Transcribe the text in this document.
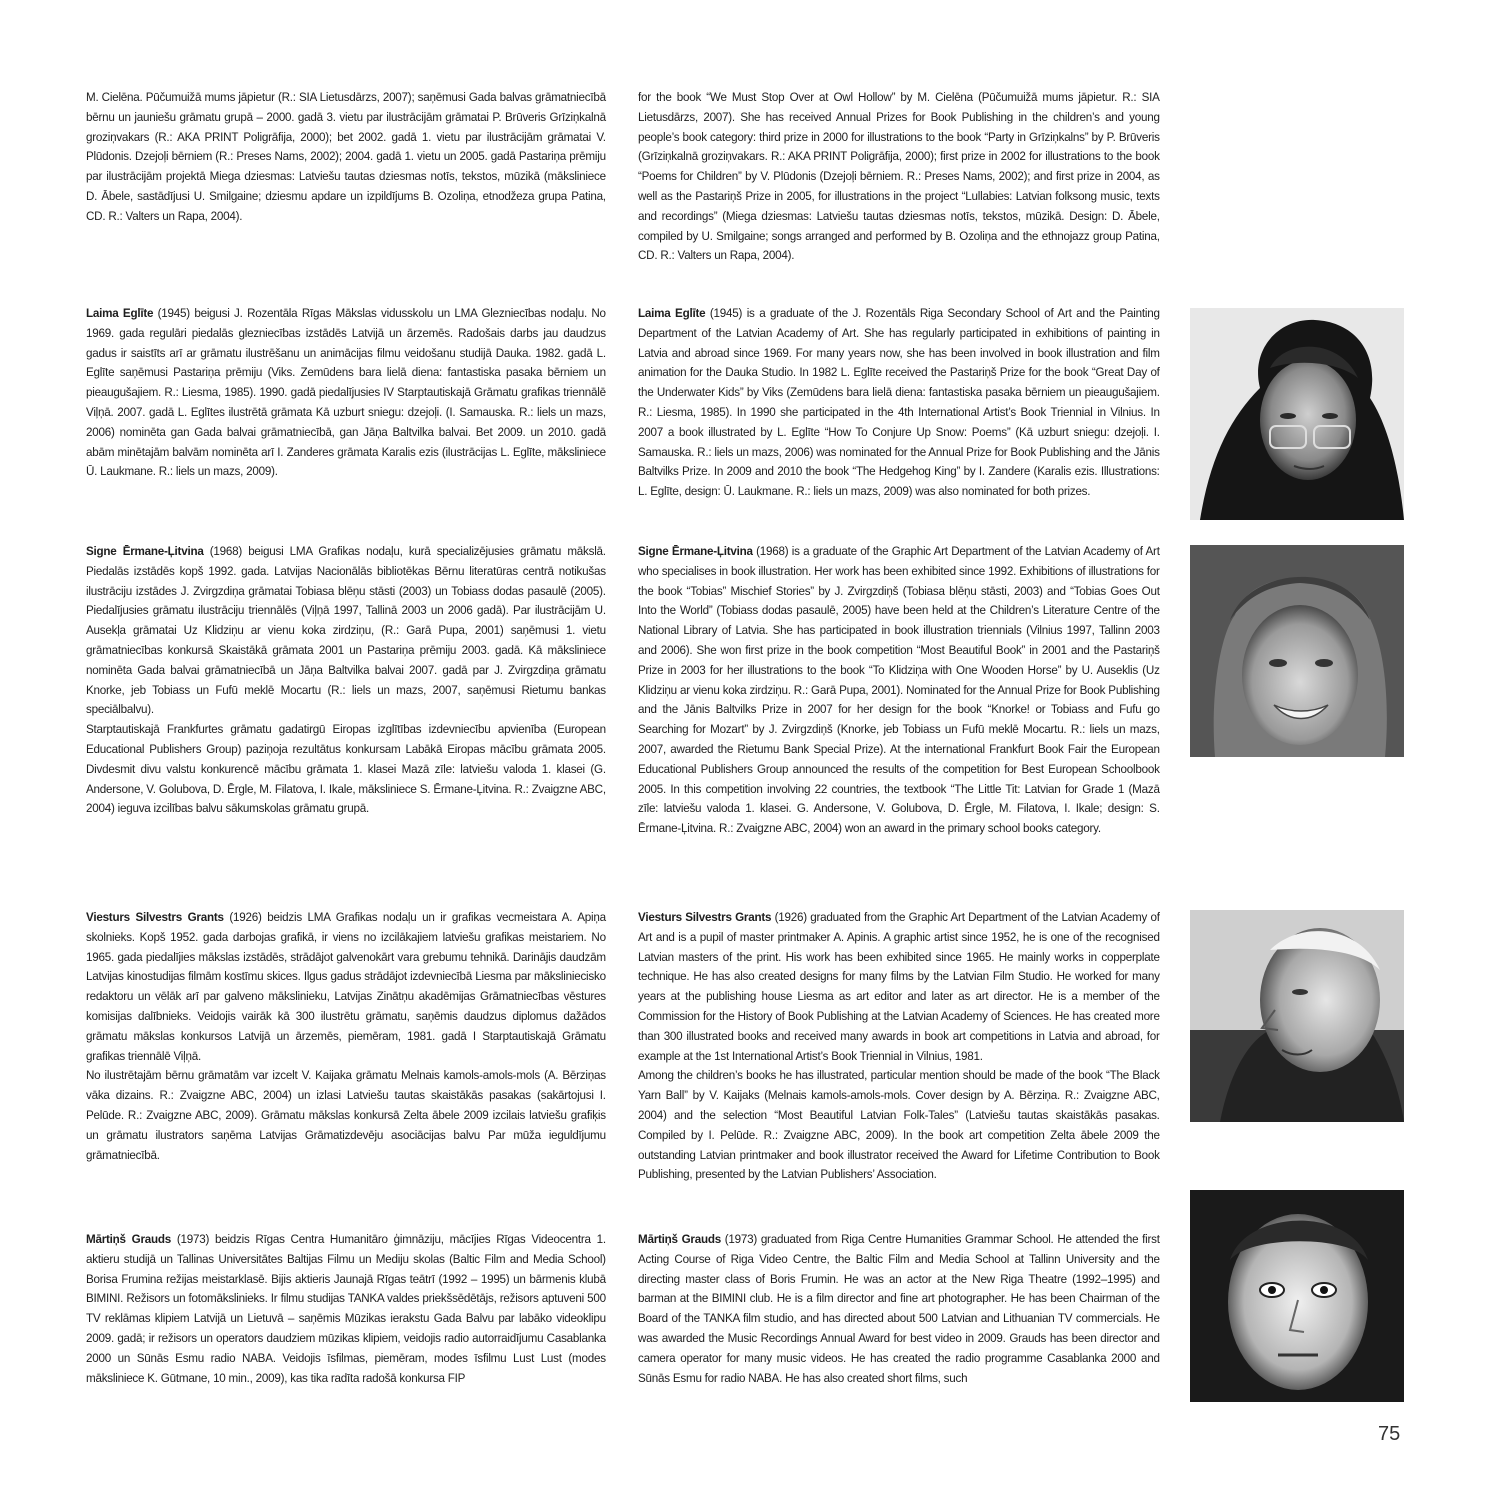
M. Cielēna. Pūčumuižā mums jāpietur (R.: SIA Lietusdārzs, 2007); saņēmusi Gada balvas grāmatniecībā bērnu un jauniešu grāmatu grupā – 2000. gadā 3. vietu par ilustrācijām grāmatai P. Brūveris Grīziņkalnā groziņvakars (R.: AKA PRINT Poligrāfija, 2000); bet 2002. gadā 1. vietu par ilustrācijām grāmatai V. Plūdonis. Dzejoļi bērniem (R.: Preses Nams, 2002); 2004. gadā 1. vietu un 2005. gadā Pastariņa prēmiju par ilustrācijām projektā Miega dziesmas: Latviešu tautas dziesmas notīs, tekstos, mūzikā (māksliniece D. Ābele, sastādījusi U. Smilgaine; dziesmu apdare un izpildījums B. Ozoliņa, etnodžeza grupa Patina, CD. R.: Valters un Rapa, 2004).

Laima Eglīte (1945) beigusi J. Rozentāla Rīgas Mākslas vidusskolu un LMA Glezniecības nodaļu. No 1969. gada regulāri piedalās glezniecības izstādēs Latvijā un ārzemēs. Radošais darbs jau daudzus gadus ir saistīts arī ar grāmatu ilustrēšanu un animācijas filmu veidošanu studijā Dauka. 1982. gadā L. Eglīte saņēmusi Pastariņa prēmiju (Viks. Zemūdens bara lielā diena: fantastiska pasaka bērniem un pieaugušajiem. R.: Liesma, 1985). 1990. gadā piedalījusies IV Starptautiskajā Grāmatu grafikas triennālē Viļņā. 2007. gadā L. Eglītes ilustrētā grāmata Kā uzburt sniegu: dzejoļi. (I. Samauska. R.: liels un mazs, 2006) nominēta gan Gada balvai grāmatniecībā, gan Jāņa Baltvilka balvai. Bet 2009. un 2010. gadā abām minētajām balvām nominēta arī I. Zanderes grāmata Karalis ezis (ilustrācijas L. Eglīte, māksliniece Ū. Laukmane. R.: liels un mazs, 2009).

Signe Ērmane-Ļitvina (1968) beigusi LMA Grafikas nodaļu, kurā specializējusies grāmatu mākslā. Piedalās izstādēs kopš 1992. gada. Latvijas Nacionālās bibliotēkas Bērnu literatūras centrā notikušas ilustrāciju izstādes J. Zvirgzdiņa grāmatai Tobiasa blēņu stāsti (2003) un Tobiass dodas pasaulē (2005). Piedalījusies grāmatu ilustrāciju triennālēs (Viļņā 1997, Tallinā 2003 un 2006 gadā). Par ilustrācijām U. Ausekļa grāmatai Uz Klidziņu ar vienu koka zirdziņu, (R.: Garā Pupa, 2001) saņēmusi 1. vietu grāmatniecības konkursā Skaistākā grāmata 2001 un Pastariņa prēmiju 2003. gadā. Kā māksliniece nominēta Gada balvai grāmatniecībā un Jāņa Baltvilka balvai 2007. gadā par J. Zvirgzdiņa grāmatu Knorke, jeb Tobiass un Fufū meklē Mocartu (R.: liels un mazs, 2007, saņēmusi Rietumu bankas speciālbalvu).

Starptautiskajā Frankfurtes grāmatu gadatirgū Eiropas izglītības izdevniecību apvienība (European Educational Publishers Group) paziņoja rezultātus konkursam Labākā Eiropas mācību grāmata 2005. Divdesmit divu valstu konkurencē mācību grāmata 1. klasei Mazā zīle: latviešu valoda 1. klasei (G. Andersone, V. Golubova, D. Ērgle, M. Filatova, I. Ikale, māksliniece S. Ērmane-Ļitvina. R.: Zvaigzne ABC, 2004) ieguva izcilības balvu sākumskolas grāmatu grupā.

Viesturs Silvestrs Grants (1926) beidzis LMA Grafikas nodaļu un ir grafikas vecmeistara A. Apiņa skolnieks. Kopš 1952. gada darbojas grafikā, ir viens no izcilākajiem latviešu grafikas meistariem. No 1965. gada piedalījies mākslas izstādēs, strādājot galvenokārt vara grebumu tehnikā. Darinājis daudzām Latvijas kinostudijas filmām kostīmu skices. Ilgus gadus strādājot izdevniecībā Liesma par mākslinieciskо redaktoru un vēlāk arī par galveno mākslinieku, Latvijas Zinātņu akadēmijas Grāmatniecības vēstures komisijas dalībnieks. Veidojis vairāk kā 300 ilustrētu grāmatu, saņēmis daudzus diplomus dažādos grāmatu mākslas konkursos Latvijā un ārzemēs, piemēram, 1981. gadā I Starptautiskajā Grāmatu grafikas triennālē Viļņā.

No ilustrētajām bērnu grāmatām var izcelt V. Kaijaka grāmatu Melnais kamols-amols-mols (A. Bērziņas vāka dizains. R.: Zvaigzne ABC, 2004) un izlasi Latviešu tautas skaistākās pasakas (sakārtojusi I. Pelūde. R.: Zvaigzne ABC, 2009). Grāmatu mākslas konkursā Zelta ābele 2009 izcilais latviešu grafiķis un grāmatu ilustrators saņēma Latvijas Grāmatizdevēju asociācijas balvu Par mūža ieguldījumu grāmatniecībā.

Mārtiņš Grauds (1973) beidzis Rīgas Centra Humanitāro ģimnāziju, mācījies Rīgas Videocentra 1. aktieru studijā un Tallinas Universitātes Baltijas Filmu un Mediju skolas (Baltic Film and Media School) Borisa Frumina režijas meistarklasē. Bijis aktieris Jaunajā Rīgas teātrī (1992 – 1995) un bārmenis klubā BIMINI. Režisors un fotomākslinieks. Ir filmu studijas TANKA valdes priekšsēdētājs, režisors aptuveni 500 TV reklāmas klipiem Latvijā un Lietuvā – saņēmis Mūzikas ierakstu Gada Balvu par labāko videoklipu 2009. gadā; ir režisors un operators daudziem mūzikas klipiem, veidojis radio autorraidījumu Casablanka 2000 un Sūnās Esmu radio NABA. Veidojis īsfilmas, piemēram, modes īsfilmu Lust Lust (modes māksliniece K. Gūtmane, 10 min., 2009), kas tika radīta radošā konkursa FIP

for the book “We Must Stop Over at Owl Hollow” by M. Cielēna (Pūčumuižā mums jāpietur. R.: SIA Lietusdārzs, 2007). She has received Annual Prizes for Book Publishing in the children’s and young people’s book category: third prize in 2000 for illustrations to the book “Party in Grīziņkalns” by P. Brūveris (Grīziņkalnā groziņvakars. R.: AKA PRINT Poligrāfija, 2000); first prize in 2002 for illustrations to the book “Poems for Children” by V. Plūdonis (Dzejoļi bērniem. R.: Preses Nams, 2002); and first prize in 2004, as well as the Pastariņš Prize in 2005, for illustrations in the project “Lullabies: Latvian folksong music, texts and recordings” (Miega dziesmas: Latviešu tautas dziesmas notīs, tekstos, mūzikā. Design: D. Ābele, compiled by U. Smilgaine; songs arranged and performed by B. Ozoliņa and the ethnojazz group Patina, CD. R.: Valters un Rapa, 2004).

Laima Eglīte (1945) is a graduate of the J. Rozentāls Riga Secondary School of Art and the Painting Department of the Latvian Academy of Art. She has regularly participated in exhibitions of painting in Latvia and abroad since 1969. For many years now, she has been involved in book illustration and film animation for the Dauka Studio. In 1982 L. Eglīte received the Pastariņš Prize for the book “Great Day of the Underwater Kids” by Viks (Zemūdens bara lielā diena: fantastiska pasaka bērniem un pieaugušajiem. R.: Liesma, 1985). In 1990 she participated in the 4th International Artist’s Book Triennial in Vilnius. In 2007 a book illustrated by L. Eglīte “How To Conjure Up Snow: Poems” (Kā uzburt sniegu: dzejoļi. I. Samauska. R.: liels un mazs, 2006) was nominated for the Annual Prize for Book Publishing and the Jānis Baltvilks Prize. In 2009 and 2010 the book “The Hedgehog King” by I. Zandere (Karalis ezis. Illustrations: L. Eglīte, design: Ū. Laukmane. R.: liels un mazs, 2009) was also nominated for both prizes.

Signe Ērmane-Ļitvina (1968) is a graduate of the Graphic Art Department of the Latvian Academy of Art who specialises in book illustration. Her work has been exhibited since 1992. Exhibitions of illustrations for the book “Tobias” Mischief Stories” by J. Zvirgzdiņš (Tobiasa blēņu stāsti, 2003) and “Tobias Goes Out Into the World” (Tobiass dodas pasaulē, 2005) have been held at the Children’s Literature Centre of the National Library of Latvia. She has participated in book illustration triennials (Vilnius 1997, Tallinn 2003 and 2006). She won first prize in the book competition “Most Beautiful Book” in 2001 and the Pastariņš Prize in 2003 for her illustrations to the book “To Klidziņa with One Wooden Horse” by U. Auseklis (Uz Klidziņu ar vienu koka zirdziņu. R.: Garā Pupa, 2001). Nominated for the Annual Prize for Book Publishing and the Jānis Baltvilks Prize in 2007 for her design for the book “Knorke! or Tobiass and Fufu go Searching for Mozart” by J. Zvirgzdiņš (Knorke, jeb Tobiass un Fufū meklē Mocartu. R.: liels un mazs, 2007, awarded the Rietumu Bank Special Prize). At the international Frankfurt Book Fair the European Educational Publishers Group announced the results of the competition for Best European Schoolbook 2005. In this competition involving 22 countries, the textbook “The Little Tit: Latvian for Grade 1 (Mazā zīle: latviešu valoda 1. klasei. G. Andersone, V. Golubova, D. Ērgle, M. Filatova, I. Ikale; design: S. Ērmane-Ļitvina. R.: Zvaigzne ABC, 2004) won an award in the primary school books category.

Viesturs Silvestrs Grants (1926) graduated from the Graphic Art Department of the Latvian Academy of Art and is a pupil of master printmaker A. Apinis. A graphic artist since 1952, he is one of the recognised Latvian masters of the print. His work has been exhibited since 1965. He mainly works in copperplate technique. He has also created designs for many films by the Latvian Film Studio. He worked for many years at the publishing house Liesma as art editor and later as art director. He is a member of the Commission for the History of Book Publishing at the Latvian Academy of Sciences. He has created more than 300 illustrated books and received many awards in book art competitions in Latvia and abroad, for example at the 1st International Artist’s Book Triennial in Vilnius, 1981.

Among the children’s books he has illustrated, particular mention should be made of the book “The Black Yarn Ball” by V. Kaijaks (Melnais kamols-amols-mols. Cover design by A. Bērziņa. R.: Zvaigzne ABC, 2004) and the selection “Most Beautiful Latvian Folk-Tales” (Latviešu tautas skaistākās pasakas. Compiled by I. Pelūde. R.: Zvaigzne ABC, 2009). In the book art competition Zelta ābele 2009 the outstanding Latvian printmaker and book illustrator received the Award for Lifetime Contribution to Book Publishing, presented by the Latvian Publishers’ Association.

Mārtiņš Grauds (1973) graduated from Riga Centre Humanities Grammar School. He attended the first Acting Course of Riga Video Centre, the Baltic Film and Media School at Tallinn University and the directing master class of Boris Frumin. He was an actor at the New Riga Theatre (1992–1995) and barman at the BIMINI club. He is a film director and fine art photographer. He has been Chairman of the Board of the TANKA film studio, and has directed about 500 Latvian and Lithuanian TV commercials. He was awarded the Music Recordings Annual Award for best video in 2009. Grauds has been director and camera operator for many music videos. He has created the radio programme Casablanka 2000 and Sūnās Esmu for radio NABA. He has also created short films, such

75
